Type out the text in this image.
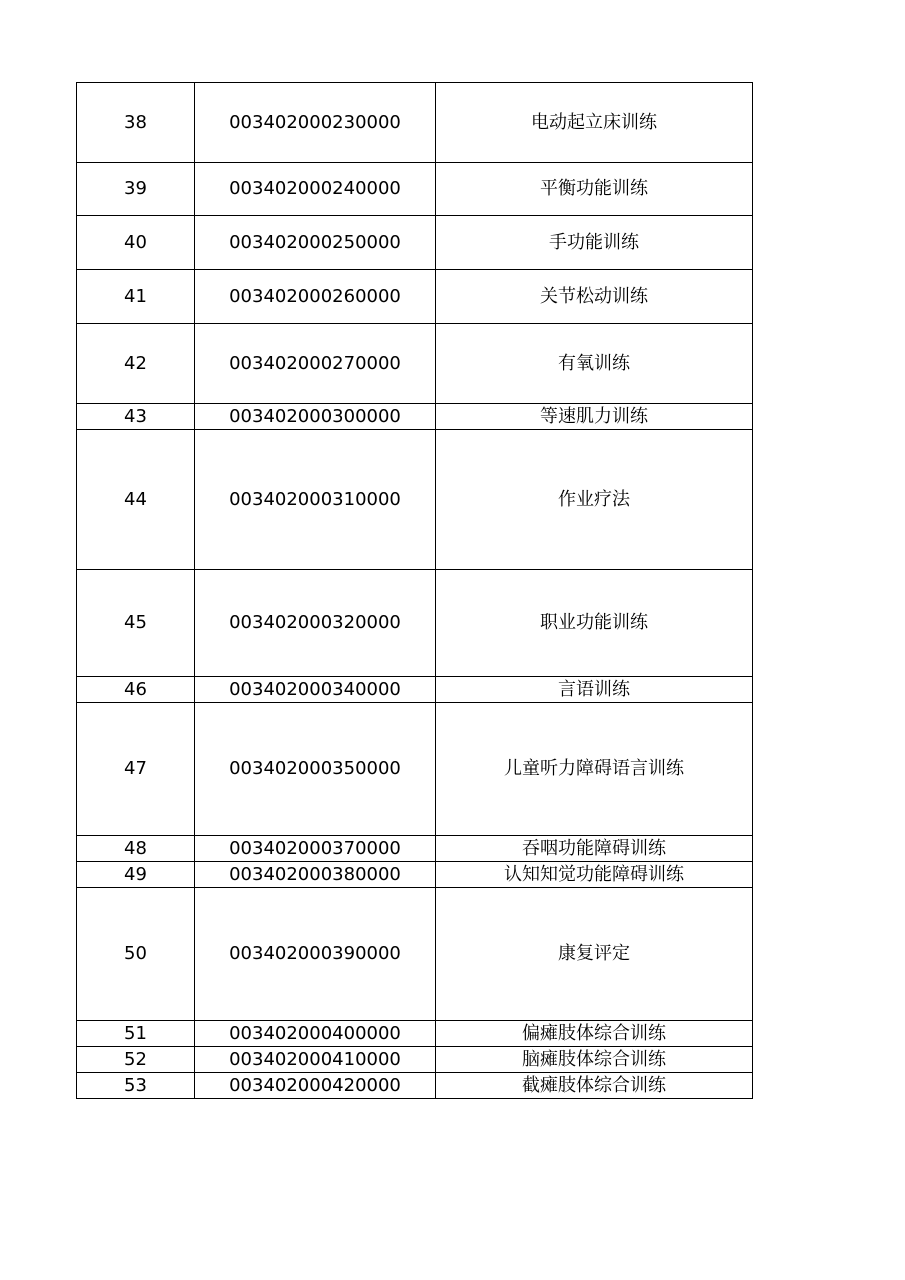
38	003402000230000	电动起立床训练
39	003402000240000	平衡功能训练
40	003402000250000	手功能训练
41	003402000260000	关节松动训练
42	003402000270000	有氧训练
43	003402000300000	等速肌力训练
44	003402000310000	作业疗法
45	003402000320000	职业功能训练
46	003402000340000	言语训练
47	003402000350000	儿童听力障碍语言训练
48	003402000370000	吞咽功能障碍训练
49	003402000380000	认知知觉功能障碍训练
50	003402000390000	康复评定
51	003402000400000	偏瘫肢体综合训练
52	003402000410000	脑瘫肢体综合训练
53	003402000420000	截瘫肢体综合训练
